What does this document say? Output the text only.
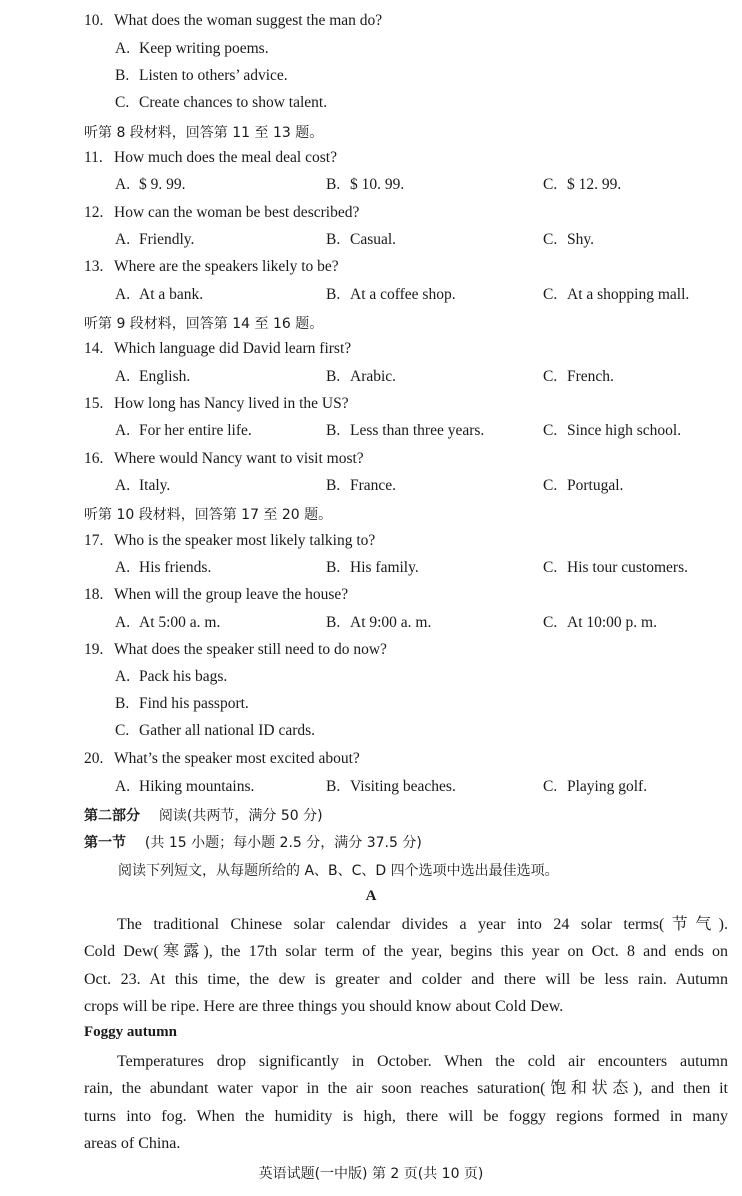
10. What does the woman suggest the man do?
A. Keep writing poems.
B. Listen to others’ advice.
C. Create chances to show talent.
听第 8 段材料，回答第 11 至 13 题。
11. How much does the meal deal cost?
A. $ 9. 99.	B. $ 10. 99.	C. $ 12. 99.
12. How can the woman be best described?
A. Friendly.	B. Casual.	C. Shy.
13. Where are the speakers likely to be?
A. At a bank.	B. At a coffee shop.	C. At a shopping mall.
听第 9 段材料，回答第 14 至 16 题。
14. Which language did David learn first?
A. English.	B. Arabic.	C. French.
15. How long has Nancy lived in the US?
A. For her entire life.	B. Less than three years.	C. Since high school.
16. Where would Nancy want to visit most?
A. Italy.	B. France.	C. Portugal.
听第 10 段材料，回答第 17 至 20 题。
17. Who is the speaker most likely talking to?
A. His friends.	B. His family.	C. His tour customers.
18. When will the group leave the house?
A. At 5:00 a. m.	B. At 9:00 a. m.	C. At 10:00 p. m.
19. What does the speaker still need to do now?
A. Pack his bags.
B. Find his passport.
C. Gather all national ID cards.
20. What’s the speaker most excited about?
A. Hiking mountains.	B. Visiting beaches.	C. Playing golf.
第二部分 阅读(共两节，满分 50 分)
第一节 (共 15 小题；每小题 2.5 分，满分 37.5 分)
阅读下列短文，从每题所给的 A、B、C、D 四个选项中选出最佳选项。
A
The traditional Chinese solar calendar divides a year into 24 solar terms(节气).
Cold Dew(寒露), the 17th solar term of the year, begins this year on Oct. 8 and ends on
Oct. 23. At this time, the dew is greater and colder and there will be less rain. Autumn
crops will be ripe. Here are three things you should know about Cold Dew.
Foggy autumn
Temperatures drop significantly in October. When the cold air encounters autumn
rain, the abundant water vapor in the air soon reaches saturation(饱和状态), and then it
turns into fog. When the humidity is high, there will be foggy regions formed in many
areas of China.
英语试题(一中版) 第 2 页(共 10 页)
